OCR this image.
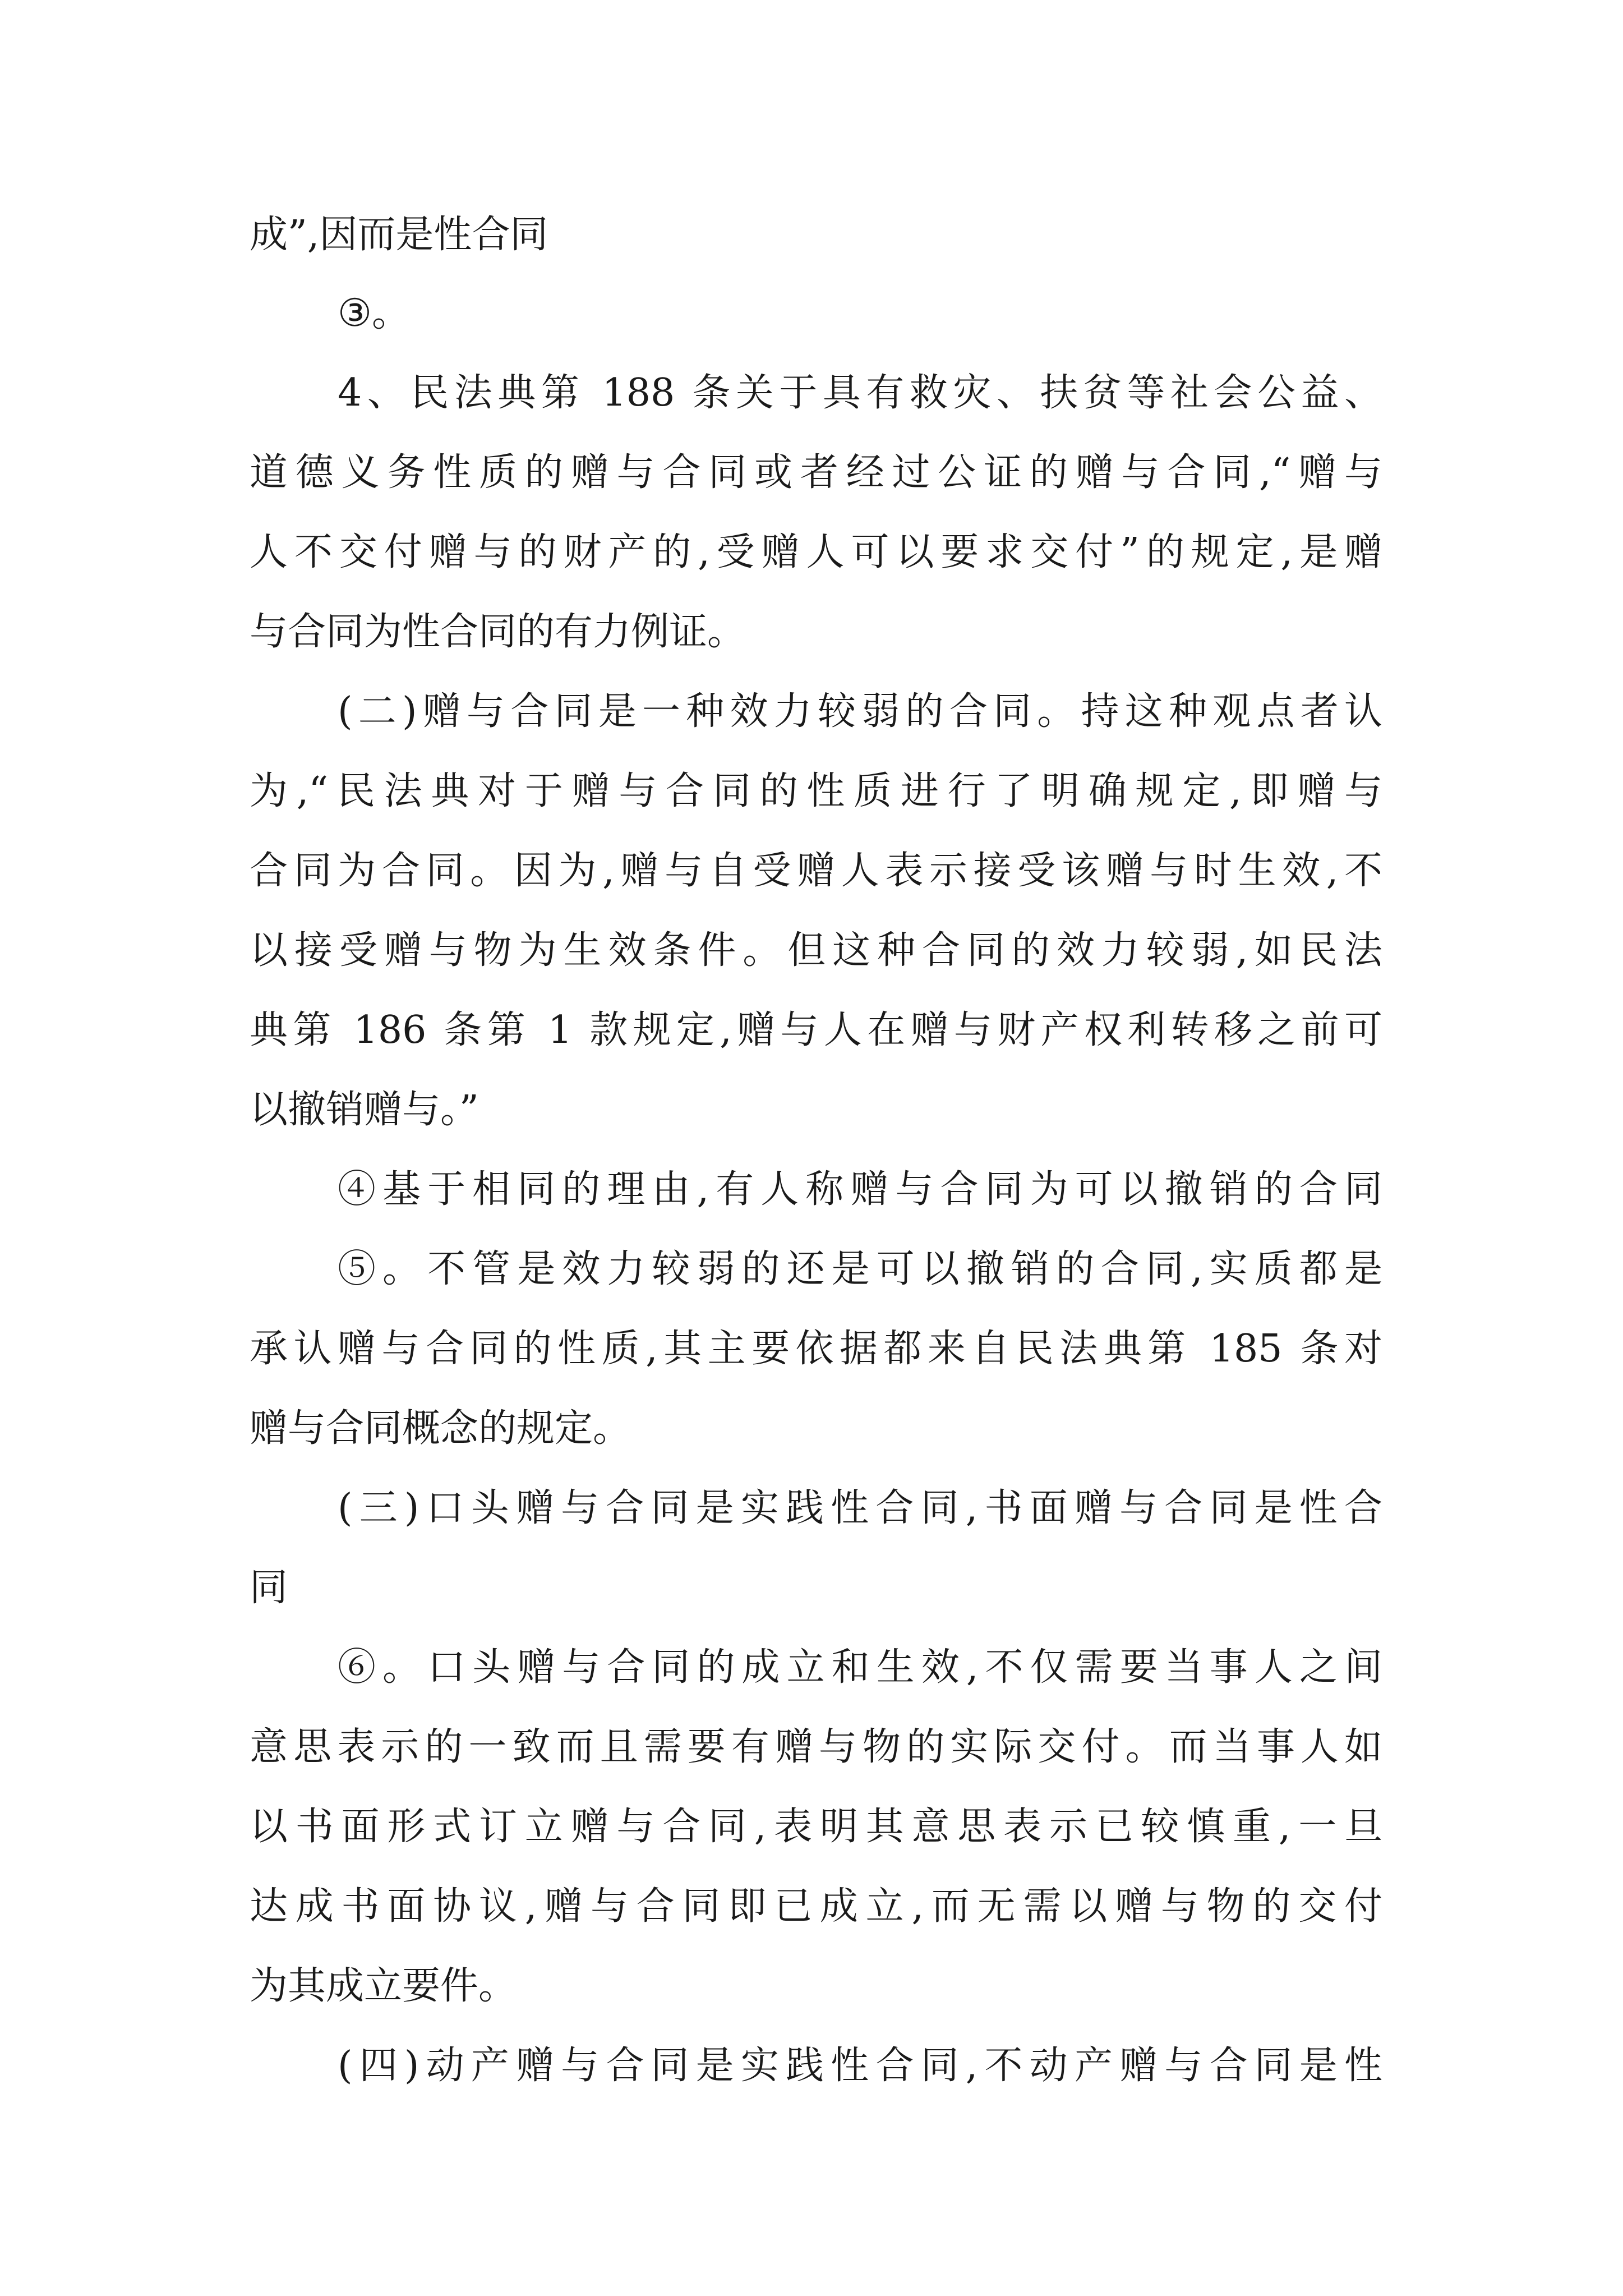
成”,因而是性合同
③。
4、民法典第 188 条关于具有救灾、扶贫等社会公益、
道德义务性质的赠与合同或者经过公证的赠与合同,“赠与
人不交付赠与的财产的,受赠人可以要求交付”的规定,是赠
与合同为性合同的有力例证。
(二)赠与合同是一种效力较弱的合同。持这种观点者认
为,“民法典对于赠与合同的性质进行了明确规定,即赠与
合同为合同。因为,赠与自受赠人表示接受该赠与时生效,不
以接受赠与物为生效条件。但这种合同的效力较弱,如民法
典第 186 条第 1 款规定,赠与人在赠与财产权利转移之前可
以撤销赠与。”
④基于相同的理由,有人称赠与合同为可以撤销的合同
⑤。不管是效力较弱的还是可以撤销的合同,实质都是
承认赠与合同的性质,其主要依据都来自民法典第 185 条对
赠与合同概念的规定。
(三)口头赠与合同是实践性合同,书面赠与合同是性合
同
⑥。口头赠与合同的成立和生效,不仅需要当事人之间
意思表示的一致而且需要有赠与物的实际交付。而当事人如
以书面形式订立赠与合同,表明其意思表示已较慎重,一旦
达成书面协议,赠与合同即已成立,而无需以赠与物的交付
为其成立要件。
(四)动产赠与合同是实践性合同,不动产赠与合同是性
